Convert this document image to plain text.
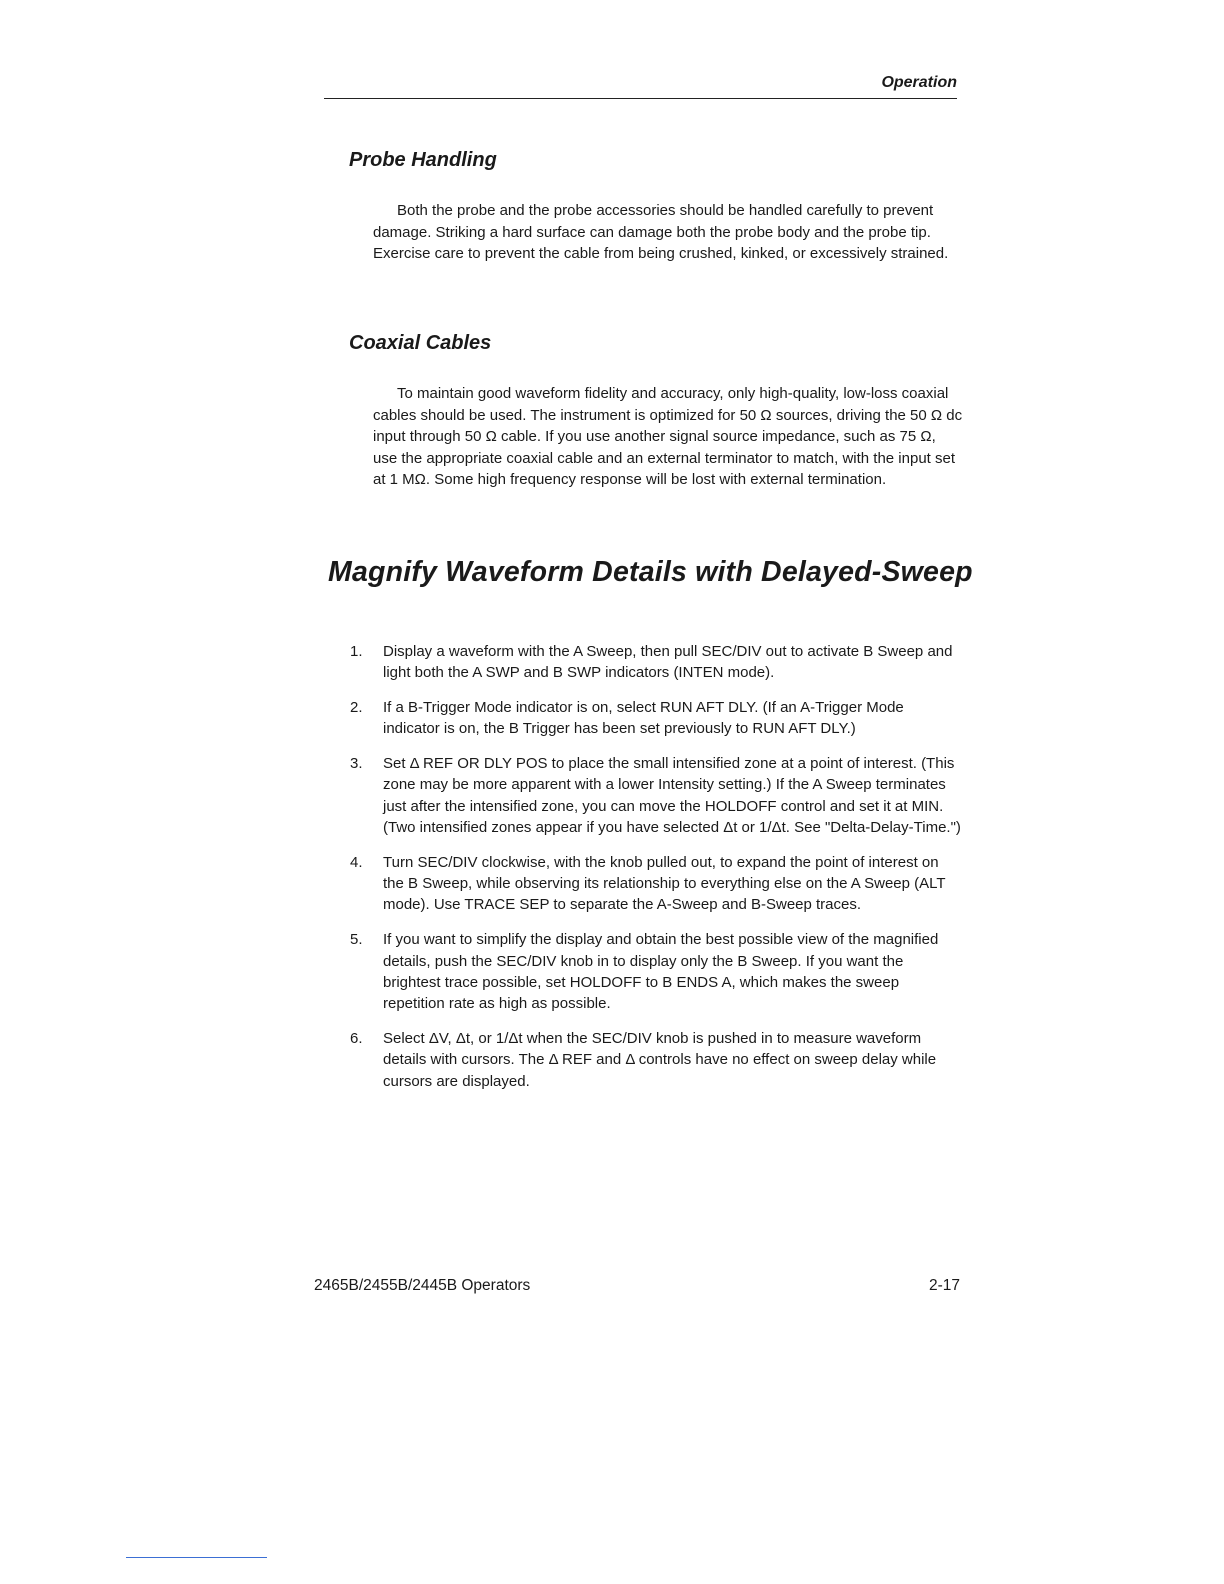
Operation
Probe Handling

Both the probe and the probe accessories should be handled carefully to prevent damage. Striking a hard surface can damage both the probe body and the probe tip. Exercise care to prevent the cable from being crushed, kinked, or excessively strained.

Coaxial Cables

To maintain good waveform fidelity and accuracy, only high-quality, low-loss coaxial cables should be used. The instrument is optimized for 50 Ω sources, driving the 50 Ω dc input through 50 Ω cable. If you use another signal source impedance, such as 75 Ω, use the appropriate coaxial cable and an external terminator to match, with the input set at 1 MΩ. Some high frequency response will be lost with external termination.

Magnify Waveform Details with Delayed-Sweep
1.	Display a waveform with the A Sweep, then pull SEC/DIV out to activate B Sweep and light both the A SWP and B SWP indicators (INTEN mode).
2.	If a B-Trigger Mode indicator is on, select RUN AFT DLY. (If an A-Trigger Mode indicator is on, the B Trigger has been set previously to RUN AFT DLY.)
3.	Set Δ REF OR DLY POS to place the small intensified zone at a point of interest. (This zone may be more apparent with a lower Intensity setting.) If the A Sweep terminates just after the intensified zone, you can move the HOLDOFF control and set it at MIN. (Two intensified zones appear if you have selected Δt or 1/Δt. See "Delta-Delay-Time.")
4.	Turn SEC/DIV clockwise, with the knob pulled out, to expand the point of interest on the B Sweep, while observing its relationship to everything else on the A Sweep (ALT mode). Use TRACE SEP to separate the A-Sweep and B-Sweep traces.
5.	If you want to simplify the display and obtain the best possible view of the magnified details, push the SEC/DIV knob in to display only the B Sweep. If you want the brightest trace possible, set HOLDOFF to B ENDS A, which makes the sweep repetition rate as high as possible.
6.	Select ΔV, Δt, or 1/Δt when the SEC/DIV knob is pushed in to measure waveform details with cursors. The Δ REF and Δ controls have no effect on sweep delay while cursors are displayed.
2465B/2455B/2445B Operators	2-17
